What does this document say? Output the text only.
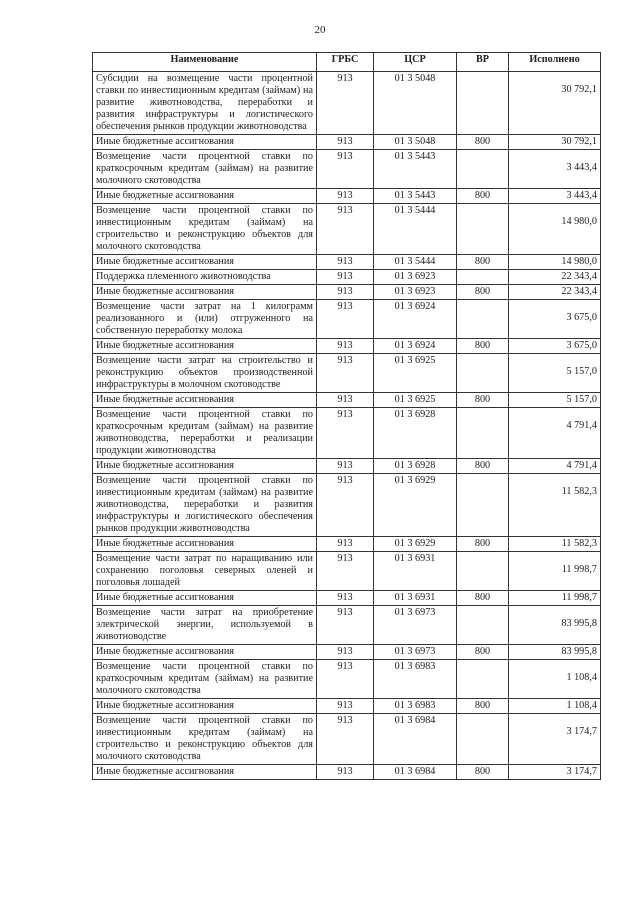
20
Наименование	ГРБС	ЦСР	ВР	Исполнено
Субсидии на возмещение части процентной ставки по инвестиционным кредитам (займам) на развитие животноводства, переработки и развития инфраструктуры и логистического обеспечения рынков продукции животноводства	913	01 3 5048		30 792,1
Иные бюджетные ассигнования	913	01 3 5048	800	30 792,1
Возмещение части процентной ставки по краткосрочным кредитам (займам) на развитие молочного скотоводства	913	01 3 5443		3 443,4
Иные бюджетные ассигнования	913	01 3 5443	800	3 443,4
Возмещение части процентной ставки по инвестиционным кредитам (займам) на строительство и реконструкцию объектов для молочного скотоводства	913	01 3 5444		14 980,0
Иные бюджетные ассигнования	913	01 3 5444	800	14 980,0
Поддержка племенного животноводства	913	01 3 6923		22 343,4
Иные бюджетные ассигнования	913	01 3 6923	800	22 343,4
Возмещение части затрат на 1 килограмм реализованного и (или) отгруженного на собственную переработку молока	913	01 3 6924		3 675,0
Иные бюджетные ассигнования	913	01 3 6924	800	3 675,0
Возмещение части затрат на строительство и реконструкцию объектов производственной инфраструктуры в молочном скотоводстве	913	01 3 6925		5 157,0
Иные бюджетные ассигнования	913	01 3 6925	800	5 157,0
Возмещение части процентной ставки по краткосрочным кредитам (займам) на развитие животноводства, переработки и реализации продукции животноводства	913	01 3 6928		4 791,4
Иные бюджетные ассигнования	913	01 3 6928	800	4 791,4
Возмещение части процентной ставки по инвестиционным кредитам (займам) на развитие животноводства, переработки и развития инфраструктуры и логистического обеспечения рынков продукции животноводства	913	01 3 6929		11 582,3
Иные бюджетные ассигнования	913	01 3 6929	800	11 582,3
Возмещение части затрат по наращиванию или сохранению поголовья северных оленей и поголовья лошадей	913	01 3 6931		11 998,7
Иные бюджетные ассигнования	913	01 3 6931	800	11 998,7
Возмещение части затрат на приобретение электрической энергии, используемой в животноводстве	913	01 3 6973		83 995,8
Иные бюджетные ассигнования	913	01 3 6973	800	83 995,8
Возмещение части процентной ставки по краткосрочным кредитам (займам) на развитие молочного скотоводства	913	01 3 6983		1 108,4
Иные бюджетные ассигнования	913	01 3 6983	800	1 108,4
Возмещение части процентной ставки по инвестиционным кредитам (займам) на строительство и реконструкцию объектов для молочного скотоводства	913	01 3 6984		3 174,7
Иные бюджетные ассигнования	913	01 3 6984	800	3 174,7
